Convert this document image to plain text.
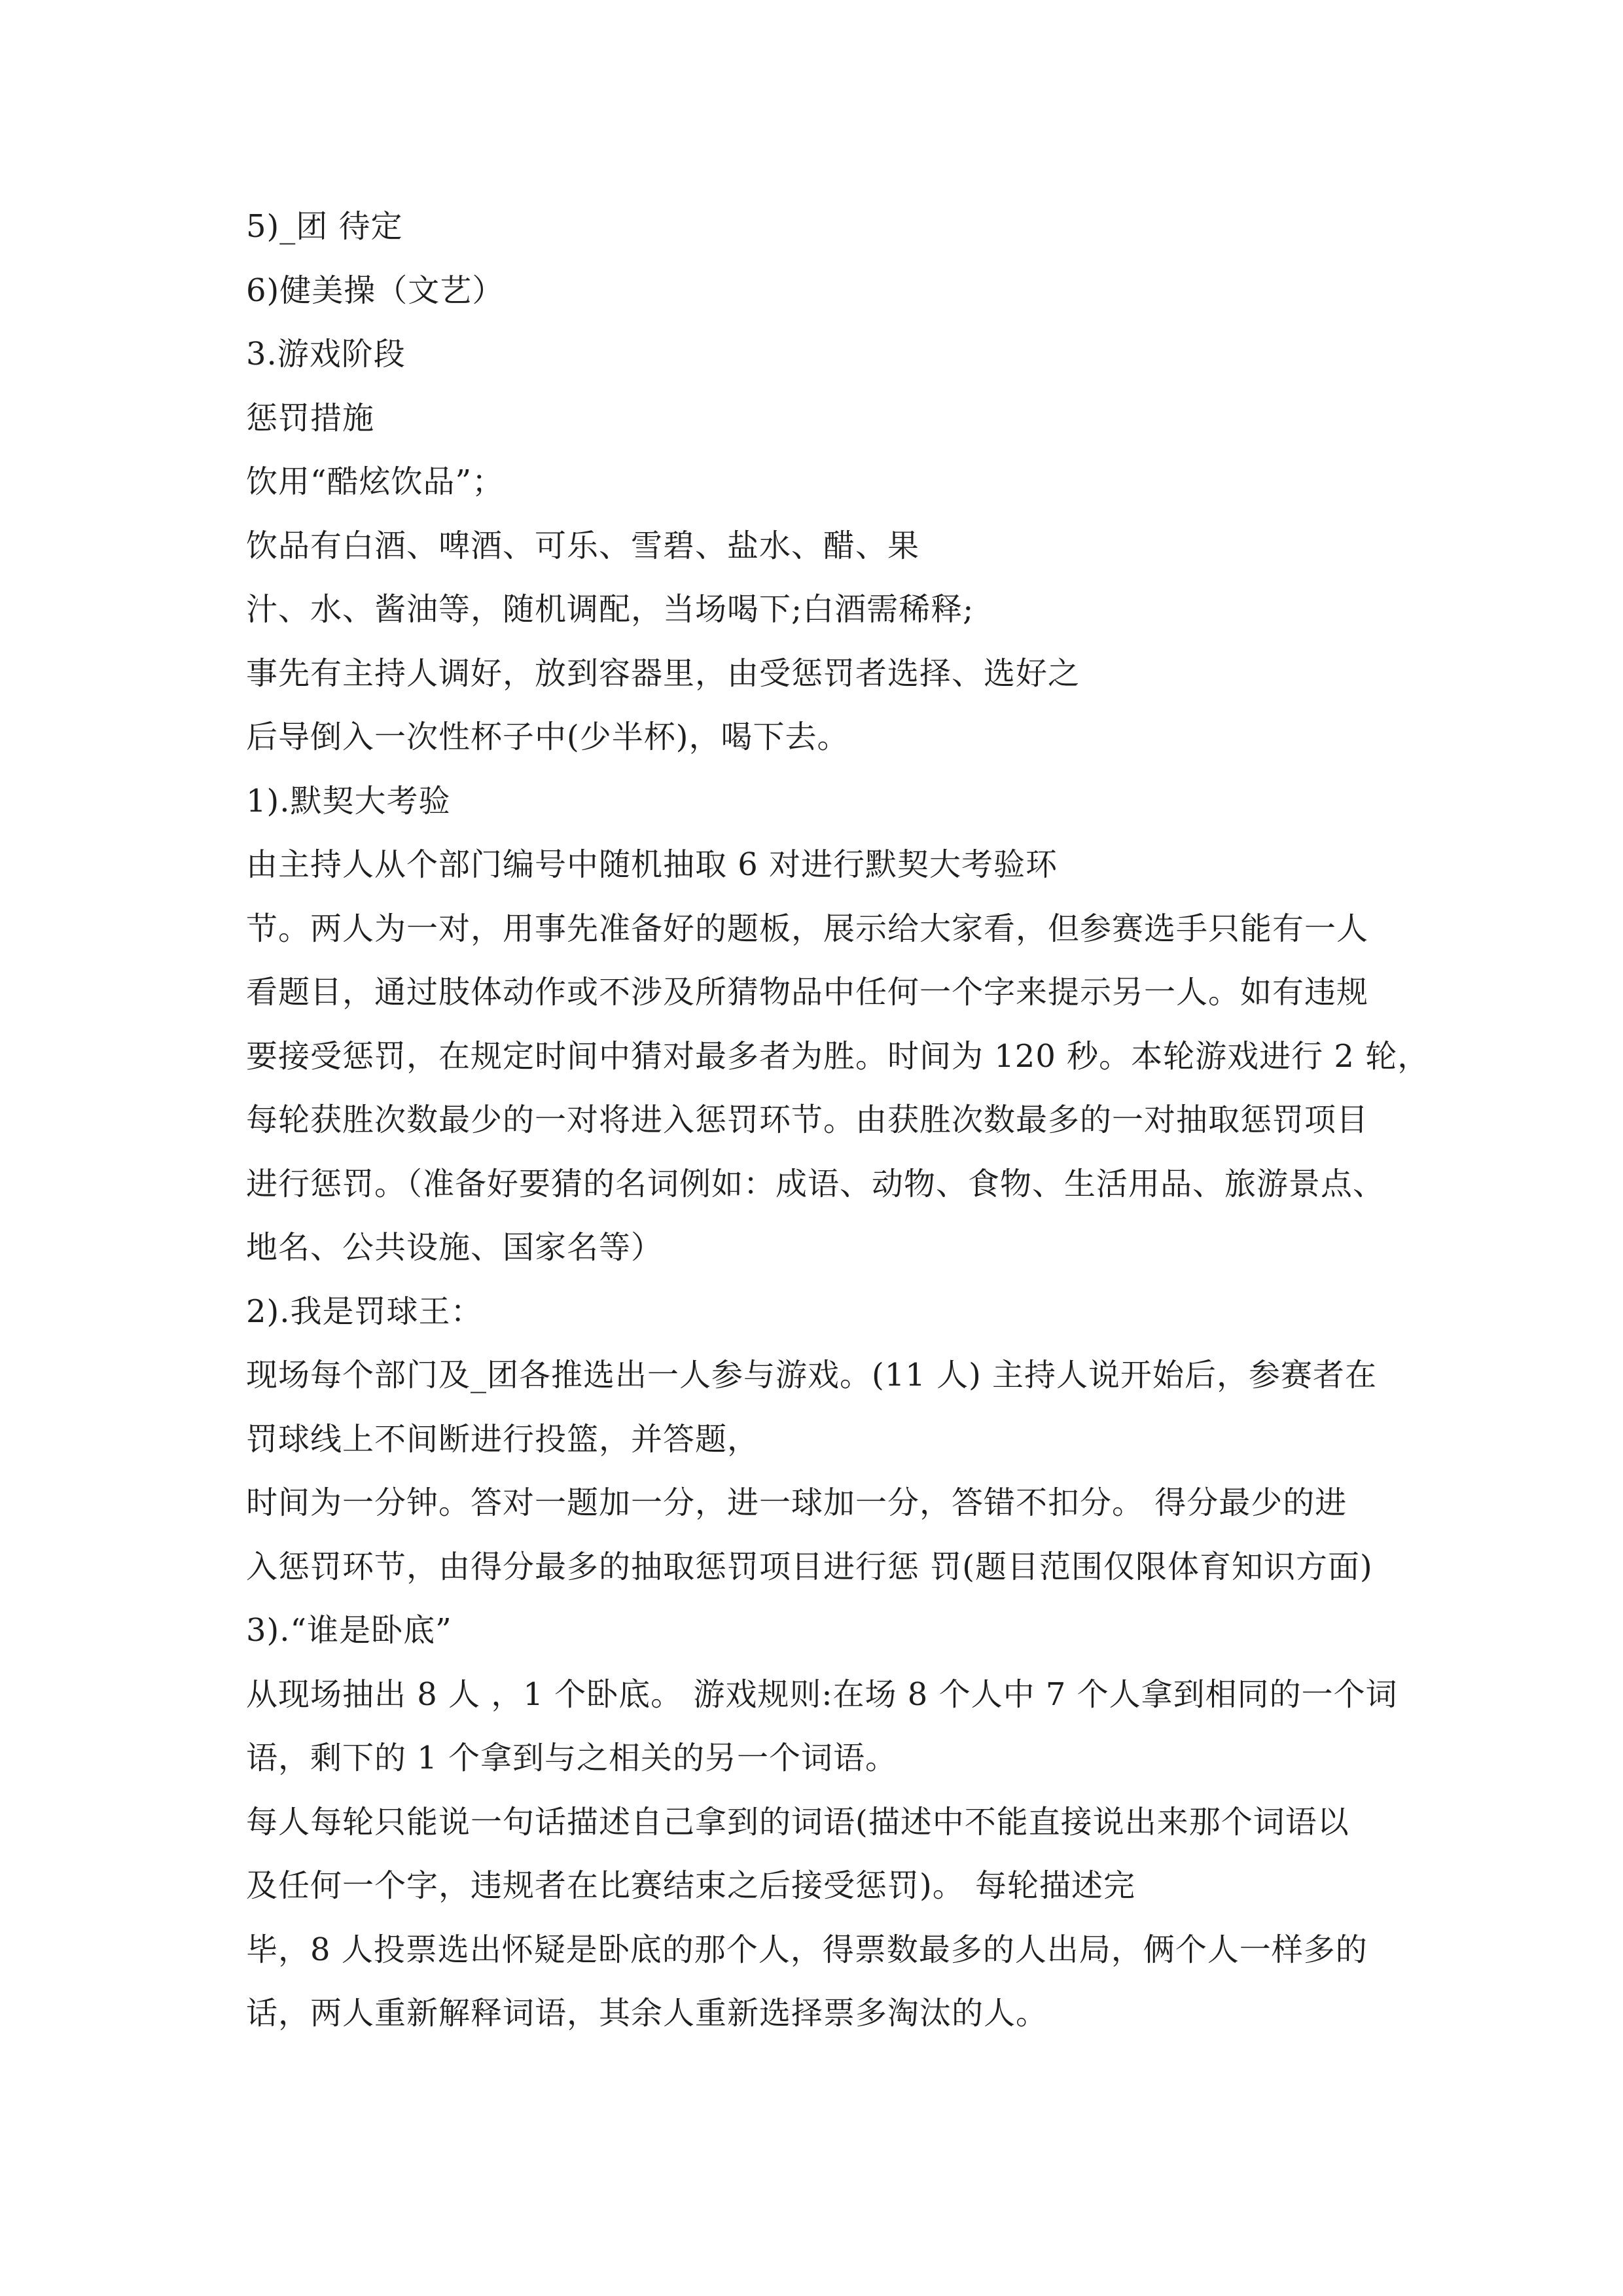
5)_团 待定
6)健美操（文艺）
3.游戏阶段
惩罚措施
饮用“酷炫饮品”；
饮品有白酒、啤酒、可乐、雪碧、盐水、醋、果
汁、水、酱油等，随机调配，当场喝下;白酒需稀释;
事先有主持人调好，放到容器里，由受惩罚者选择、选好之
后导倒入一次性杯子中(少半杯)，喝下去。
1).默契大考验
由主持人从个部门编号中随机抽取 6 对进行默契大考验环
节。两人为一对，用事先准备好的题板，展示给大家看，但参赛选手只能有一人
看题目，通过肢体动作或不涉及所猜物品中任何一个字来提示另一人。如有违规
要接受惩罚，在规定时间中猜对最多者为胜。时间为 120 秒。本轮游戏进行 2 轮，
每轮获胜次数最少的一对将进入惩罚环节。由获胜次数最多的一对抽取惩罚项目
进行惩罚。（准备好要猜的名词例如：成语、动物、食物、生活用品、旅游景点、
地名、公共设施、国家名等）
2).我是罚球王：
现场每个部门及_团各推选出一人参与游戏。(11 人) 主持人说开始后，参赛者在
罚球线上不间断进行投篮，并答题，
时间为一分钟。答对一题加一分，进一球加一分，答错不扣分。 得分最少的进
入惩罚环节，由得分最多的抽取惩罚项目进行惩 罚(题目范围仅限体育知识方面)
3).“谁是卧底”
从现场抽出 8 人 ，1 个卧底。 游戏规则:在场 8 个人中 7 个人拿到相同的一个词
语，剩下的 1 个拿到与之相关的另一个词语。
每人每轮只能说一句话描述自己拿到的词语(描述中不能直接说出来那个词语以
及任何一个字，违规者在比赛结束之后接受惩罚)。 每轮描述完
毕，8 人投票选出怀疑是卧底的那个人，得票数最多的人出局，俩个人一样多的
话，两人重新解释词语，其余人重新选择票多淘汰的人。
